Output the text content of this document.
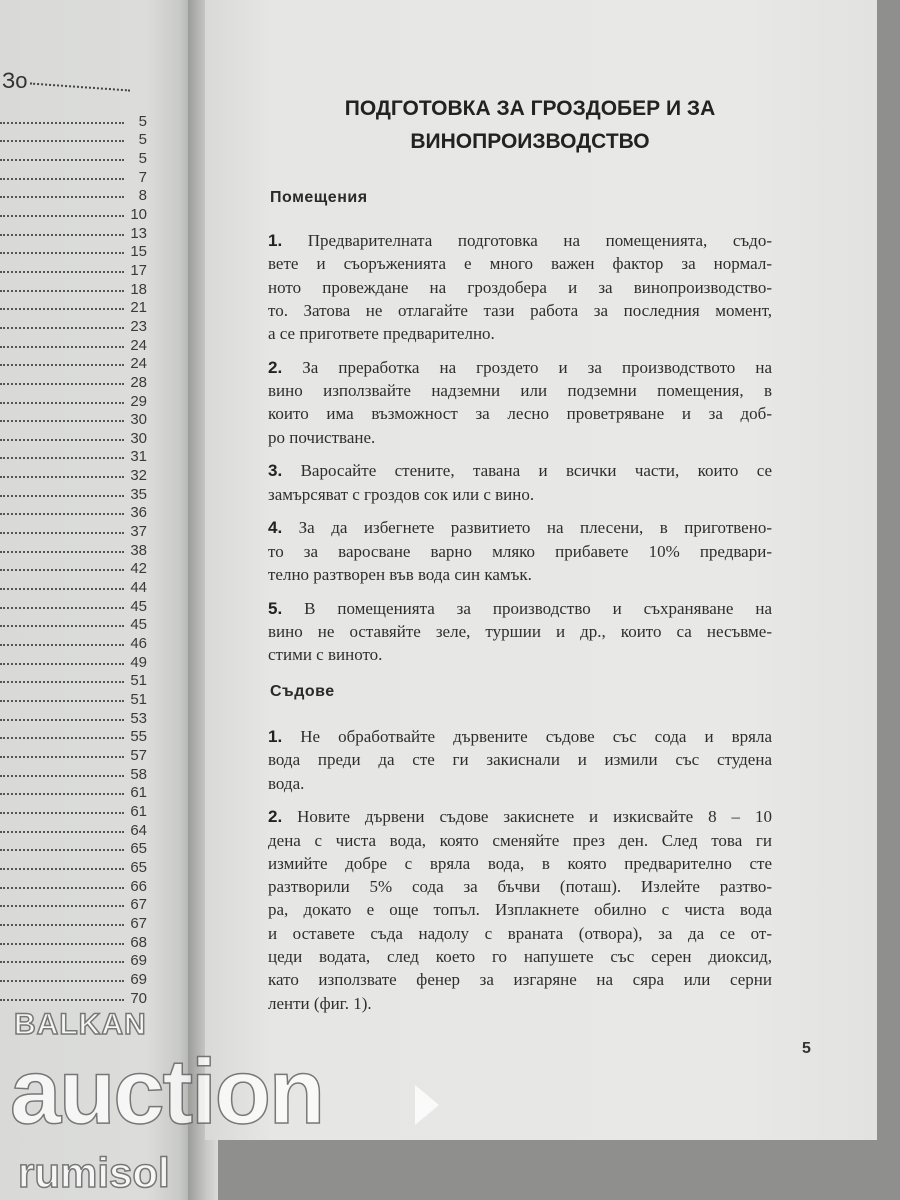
Зо
5
5
5
7
8
10
13
15
17
18
21
23
24
24
28
29
30
30
31
32
35
36
37
38
42
44
45
45
46
49
51
51
53
55
57
58
61
61
64
65
65
66
67
67
68
69
69
70
ПОДГОТОВКА ЗА ГРОЗДОБЕР И ЗА
ВИНОПРОИЗВОДСТВО
Помещения
1. Предварителната подготовка на помещенията, съдо-
вете и съоръженията е много важен фактор за нормал-
ното провеждане на гроздобера и за винопроизводство-
то. Затова не отлагайте тази работа за последния момент,
а се пригответе предварително.
2. За преработка на гроздето и за производството на
вино използвайте надземни или подземни помещения, в
които има възможност за лесно проветряване и за доб-
ро почистване.
3. Варосайте стените, тавана и всички части, които се
замърсяват с гроздов сок или с вино.
4. За да избегнете развитието на плесени, в приготвено-
то за варосване варно мляко прибавете 10% предвари-
телно разтворен във вода син камък.
5. В помещенията за производство и съхраняване на
вино не оставяйте зеле, туршии и др., които са несъвме-
стими с виното.
Съдове
1. Не обработвайте дървените съдове със сода и вряла
вода преди да сте ги закиснали и измили със студена
вода.
2. Новите дървени съдове закиснете и изкисвайте 8 – 10
дена с чиста вода, която сменяйте през ден. След това ги
измийте добре с вряла вода, в която предварително сте
разтворили 5% сода за бъчви (поташ). Излейте разтво-
ра, докато е още топъл. Изплакнете обилно с чиста вода
и оставете съда надолу с враната (отвора), за да се от-
цеди водата, след което го напушете със серен диоксид,
като използвате фенер за изгаряне на сяра или серни
ленти (фиг. 1).
5
BALKAN
auction
rumisol
